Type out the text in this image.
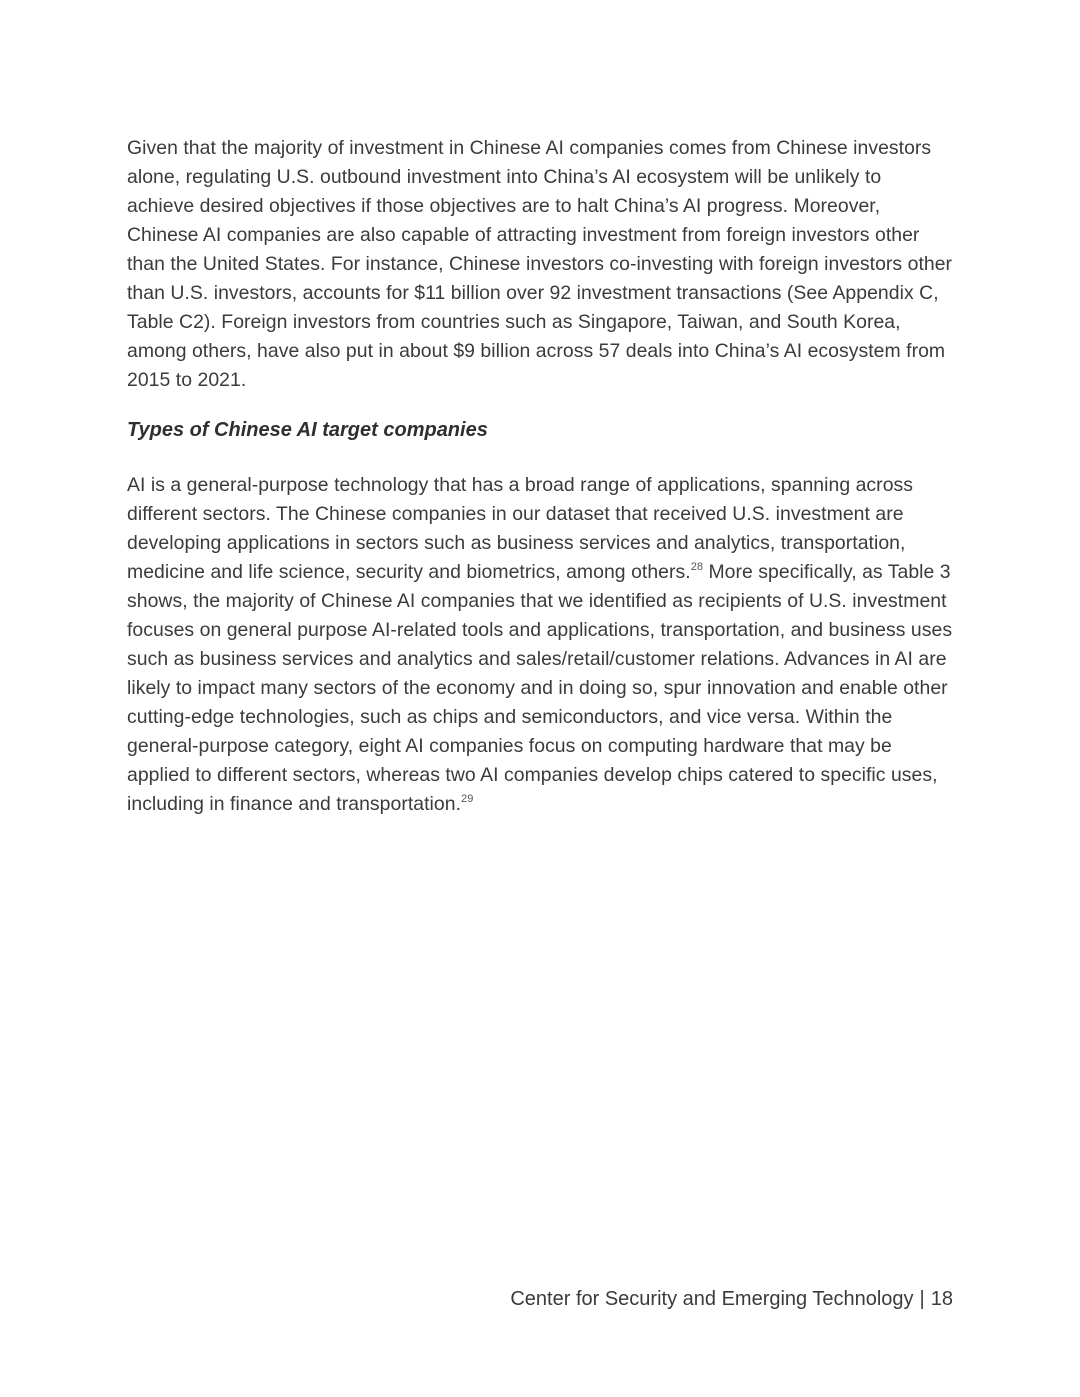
Given that the majority of investment in Chinese AI companies comes from Chinese investors alone, regulating U.S. outbound investment into China’s AI ecosystem will be unlikely to achieve desired objectives if those objectives are to halt China’s AI progress. Moreover, Chinese AI companies are also capable of attracting investment from foreign investors other than the United States. For instance, Chinese investors co-investing with foreign investors other than U.S. investors, accounts for $11 billion over 92 investment transactions (See Appendix C, Table C2). Foreign investors from countries such as Singapore, Taiwan, and South Korea, among others, have also put in about $9 billion across 57 deals into China’s AI ecosystem from 2015 to 2021.

Types of Chinese AI target companies

AI is a general-purpose technology that has a broad range of applications, spanning across different sectors. The Chinese companies in our dataset that received U.S. investment are developing applications in sectors such as business services and analytics, transportation, medicine and life science, security and biometrics, among others.$^{28}$ More specifically, as Table 3 shows, the majority of Chinese AI companies that we identified as recipients of U.S. investment focuses on general purpose AI-related tools and applications, transportation, and business uses such as business services and analytics and sales/retail/customer relations. Advances in AI are likely to impact many sectors of the economy and in doing so, spur innovation and enable other cutting-edge technologies, such as chips and semiconductors, and vice versa. Within the general-purpose category, eight AI companies focus on computing hardware that may be applied to different sectors, whereas two AI companies develop chips catered to specific uses, including in finance and transportation.$^{29}$

Center for Security and Emerging Technology | 18
